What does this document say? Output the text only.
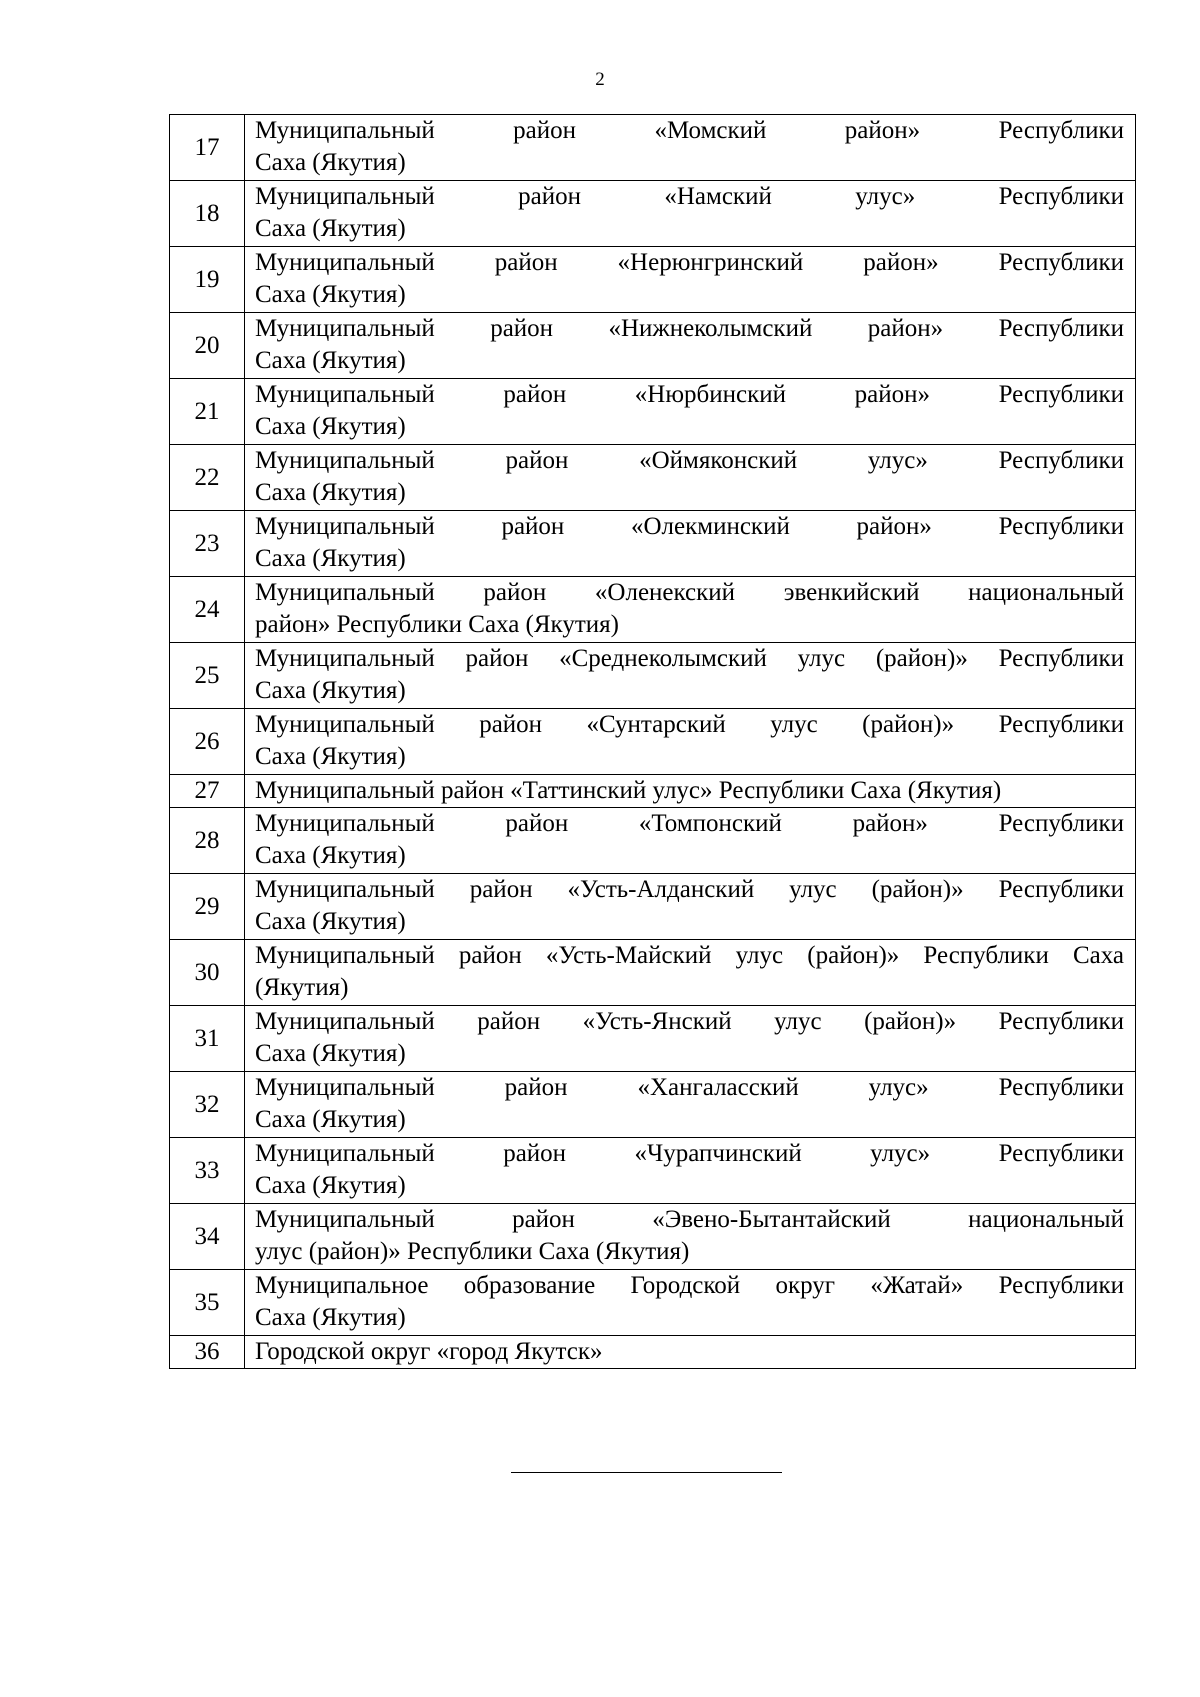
2
17	Муниципальный район «Момский район» Республики
Саха (Якутия)

18	Муниципальный район «Намский улус» Республики
Саха (Якутия)

19	Муниципальный район «Нерюнгринский район» Республики
Саха (Якутия)

20	Муниципальный район «Нижнеколымский район» Республики
Саха (Якутия)

21	Муниципальный район «Нюрбинский район» Республики
Саха (Якутия)

22	Муниципальный район «Оймяконский улус» Республики
Саха (Якутия)

23	Муниципальный район «Олекминский район» Республики
Саха (Якутия)

24	Муниципальный район «Оленекский эвенкийский национальный
район» Республики Саха (Якутия)

25	Муниципальный район «Среднеколымский улус (район)» Республики
Саха (Якутия)

26	Муниципальный район «Сунтарский улус (район)» Республики
Саха (Якутия)

27	Муниципальный район «Таттинский улус» Республики Саха (Якутия)

28	Муниципальный район «Томпонский район» Республики
Саха (Якутия)

29	Муниципальный район «Усть-Алданский улус (район)» Республики
Саха (Якутия)

30	Муниципальный район «Усть-Майский улус (район)» Республики Саха
(Якутия)

31	Муниципальный район «Усть-Янский улус (район)» Республики
Саха (Якутия)

32	Муниципальный район «Хангаласский улус» Республики
Саха (Якутия)

33	Муниципальный район «Чурапчинский улус» Республики
Саха (Якутия)

34	Муниципальный район «Эвено-Бытантайский национальный
улус (район)» Республики Саха (Якутия)

35	Муниципальное образование Городской округ «Жатай» Республики
Саха (Якутия)

36	Городской округ «город Якутск»
